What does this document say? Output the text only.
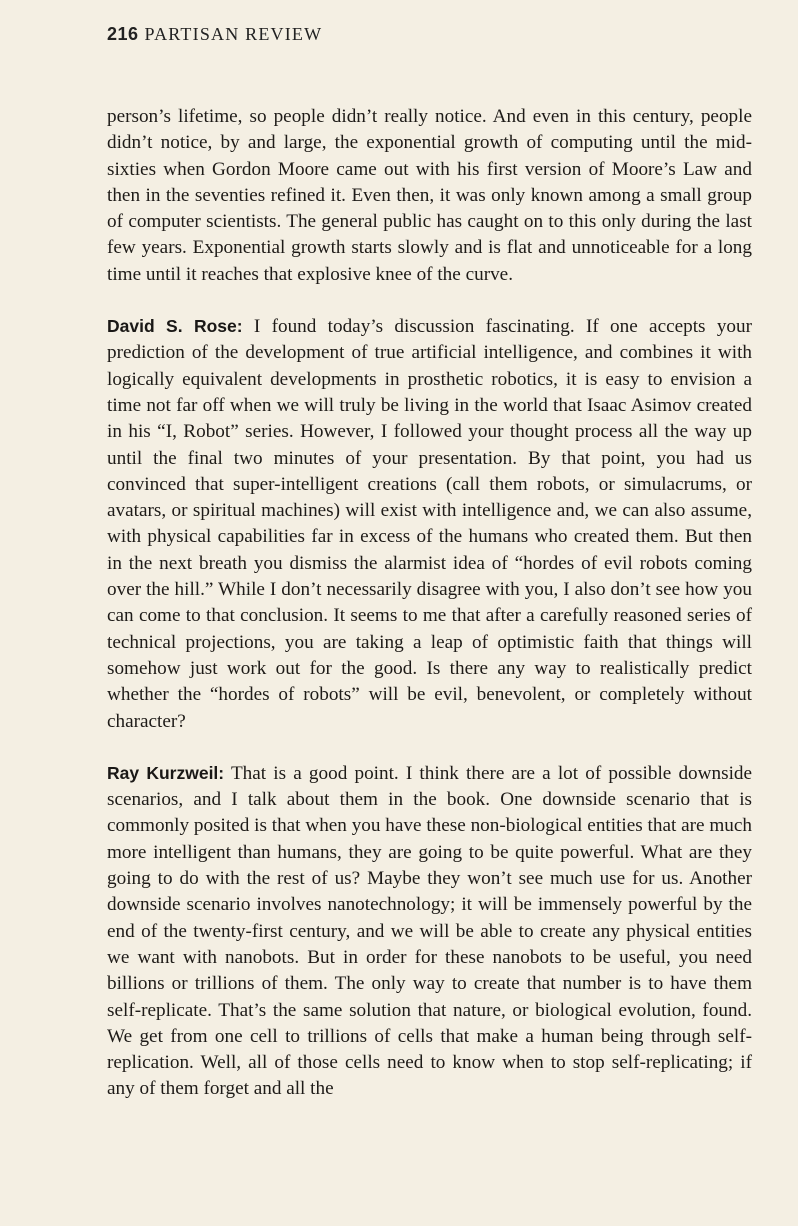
216 PARTISAN REVIEW

person’s lifetime, so people didn’t really notice. And even in this century, people didn’t notice, by and large, the exponential growth of computing until the mid-sixties when Gordon Moore came out with his first version of Moore’s Law and then in the seventies refined it. Even then, it was only known among a small group of computer scientists. The general public has caught on to this only during the last few years. Exponential growth starts slowly and is flat and unnoticeable for a long time until it reaches that explosive knee of the curve.

David S. Rose: I found today’s discussion fascinating. If one accepts your prediction of the development of true artificial intelligence, and combines it with logically equivalent developments in prosthetic robotics, it is easy to envision a time not far off when we will truly be living in the world that Isaac Asimov created in his “I, Robot” series. However, I followed your thought process all the way up until the final two minutes of your presentation. By that point, you had us convinced that super-intelligent creations (call them robots, or simulacrums, or avatars, or spiritual machines) will exist with intelligence and, we can also assume, with physical capabilities far in excess of the humans who created them. But then in the next breath you dismiss the alarmist idea of “hordes of evil robots coming over the hill.” While I don’t necessarily disagree with you, I also don’t see how you can come to that conclusion. It seems to me that after a carefully reasoned series of technical projections, you are taking a leap of optimistic faith that things will somehow just work out for the good. Is there any way to realistically predict whether the “hordes of robots” will be evil, benevolent, or completely without character?

Ray Kurzweil: That is a good point. I think there are a lot of possible downside scenarios, and I talk about them in the book. One downside scenario that is commonly posited is that when you have these non-biological entities that are much more intelligent than humans, they are going to be quite powerful. What are they going to do with the rest of us? Maybe they won’t see much use for us. Another downside scenario involves nanotechnology; it will be immensely powerful by the end of the twenty-first century, and we will be able to create any physical entities we want with nanobots. But in order for these nanobots to be useful, you need billions or trillions of them. The only way to create that number is to have them self-replicate. That’s the same solution that nature, or biological evolution, found. We get from one cell to trillions of cells that make a human being through self-replication. Well, all of those cells need to know when to stop self-replicating; if any of them forget and all the
